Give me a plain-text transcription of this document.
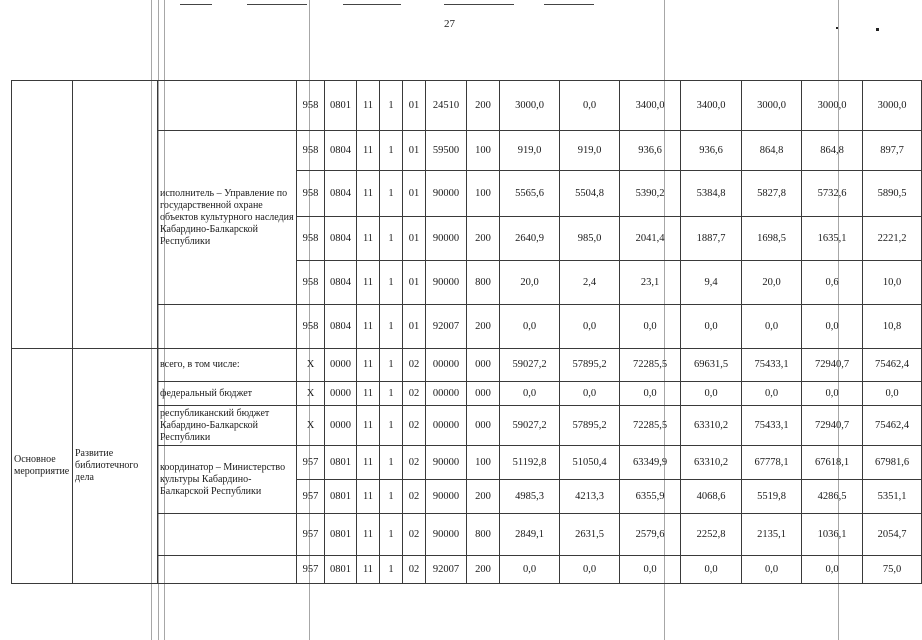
27
			958	0801	11	1	01	24510	200	3000,0	0,0	3400,0	3400,0	3000,0	3000,0	3000,0
		исполнитель – Управление по государственной охране объектов культурного наследия Кабардино-Балкарской Республики	958	0804	11	1	01	59500	100	919,0	919,0	936,6	936,6	864,8	864,8	897,7
			958	0804	11	1	01	90000	100	5565,6	5504,8	5390,2	5384,8	5827,8	5732,6	5890,5
			958	0804	11	1	01	90000	200	2640,9	985,0	2041,4	1887,7	1698,5	1635,1	2221,2
			958	0804	11	1	01	90000	800	20,0	2,4	23,1	9,4	20,0	0,6	10,0
			958	0804	11	1	01	92007	200	0,0	0,0	0,0	0,0	0,0	0,0	10,8
Основное мероприятие	Развитие библиотечного дела	всего, в том числе:	X	0000	11	1	02	00000	000	59027,2	57895,2	72285,5	69631,5	75433,1	72940,7	75462,4
		федеральный бюджет	X	0000	11	1	02	00000	000	0,0	0,0	0,0	0,0	0,0	0,0	0,0
		республиканский бюджет Кабардино-Балкарской Республики	X	0000	11	1	02	00000	000	59027,2	57895,2	72285,5	63310,2	75433,1	72940,7	75462,4
		координатор – Министерство культуры Кабардино-Балкарской Республики	957	0801	11	1	02	90000	100	51192,8	51050,4	63349,9	63310,2	67778,1	67618,1	67981,6
			957	0801	11	1	02	90000	200	4985,3	4213,3	6355,9	4068,6	5519,8	4286,5	5351,1
			957	0801	11	1	02	90000	800	2849,1	2631,5	2579,6	2252,8	2135,1	1036,1	2054,7
			957	0801	11	1	02	92007	200	0,0	0,0	0,0	0,0	0,0	0,0	75,0
